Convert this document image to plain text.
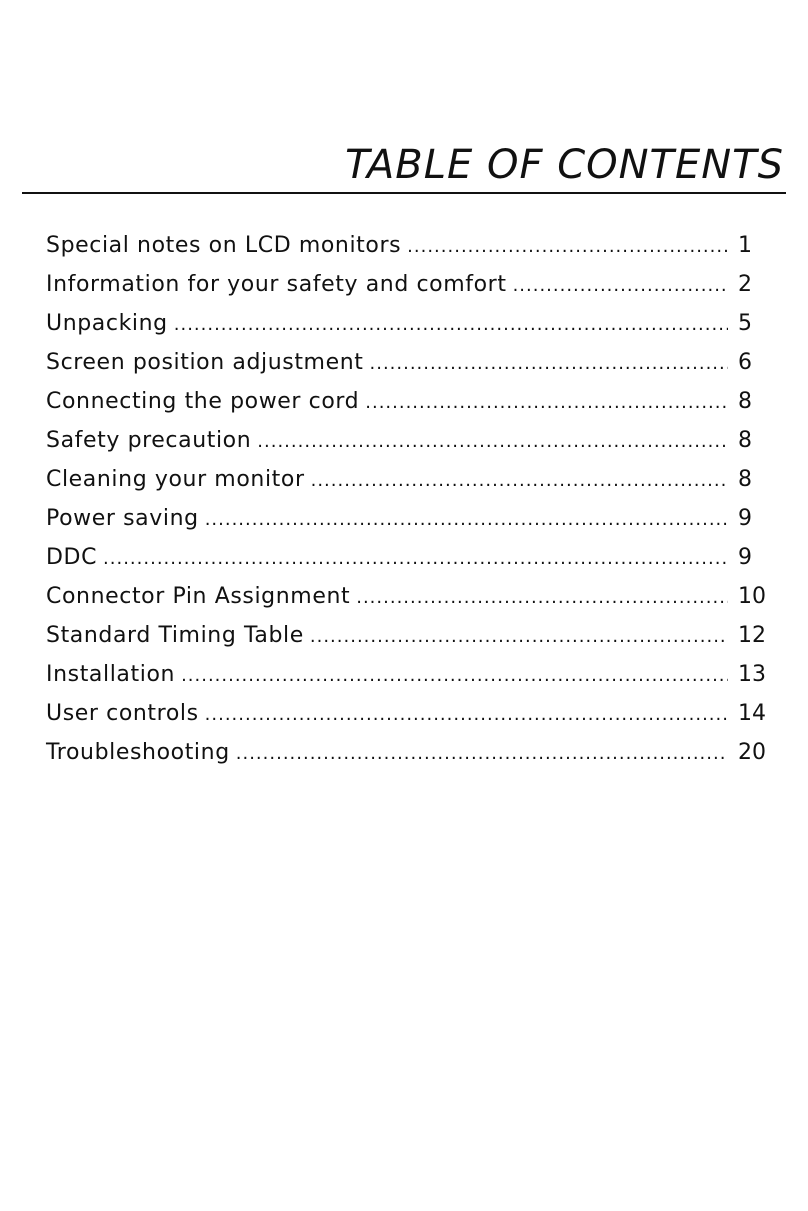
TABLE OF CONTENTS
Special notes on LCD monitors .....	1
Information for your safety and comfort .....	2
Unpacking .....	5
Screen position adjustment .....	6
Connecting the power cord .....	8
Safety precaution .....	8
Cleaning your monitor .....	8
Power saving .....	9
DDC .....	9
Connector Pin Assignment .....	10
Standard Timing Table .....	12
Installation .....	13
User controls .....	14
Troubleshooting .....	20
